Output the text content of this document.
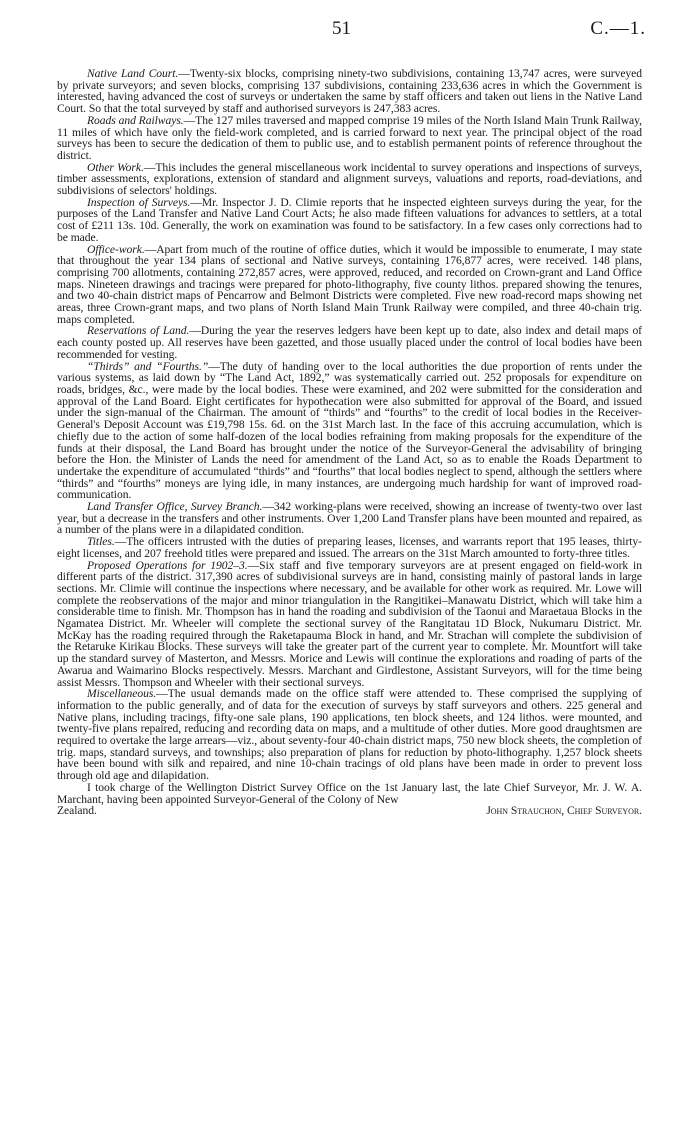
51	C.—1.

Native Land Court.—Twenty-six blocks, comprising ninety-two subdivisions, containing 13,747 acres, were surveyed by private surveyors; and seven blocks, comprising 137 subdivisions, containing 233,636 acres in which the Government is interested, having advanced the cost of surveys or undertaken the same by staff officers and taken out liens in the Native Land Court. So that the total surveyed by staff and authorised surveyors is 247,383 acres.

Roads and Railways.—The 127 miles traversed and mapped comprise 19 miles of the North Island Main Trunk Railway, 11 miles of which have only the field-work completed, and is carried forward to next year. The principal object of the road surveys has been to secure the dedication of them to public use, and to establish permanent points of reference throughout the district.

Other Work.—This includes the general miscellaneous work incidental to survey operations and inspections of surveys, timber assessments, explorations, extension of standard and alignment surveys, valuations and reports, road-deviations, and subdivisions of selectors' holdings.

Inspection of Surveys.—Mr. Inspector J. D. Climie reports that he inspected eighteen surveys during the year, for the purposes of the Land Transfer and Native Land Court Acts; he also made fifteen valuations for advances to settlers, at a total cost of £211 13s. 10d. Generally, the work on examination was found to be satisfactory. In a few cases only corrections had to be made.

Office-work.—Apart from much of the routine of office duties, which it would be impossible to enumerate, I may state that throughout the year 134 plans of sectional and Native surveys, containing 176,877 acres, were received. 148 plans, comprising 700 allotments, containing 272,857 acres, were approved, reduced, and recorded on Crown-grant and Land Office maps. Nineteen drawings and tracings were prepared for photo-lithography, five county lithos. prepared showing the tenures, and two 40-chain district maps of Pencarrow and Belmont Districts were completed. Five new road-record maps showing net areas, three Crown-grant maps, and two plans of North Island Main Trunk Railway were compiled, and three 40-chain trig. maps completed.

Reservations of Land.—During the year the reserves ledgers have been kept up to date, also index and detail maps of each county posted up. All reserves have been gazetted, and those usually placed under the control of local bodies have been recommended for vesting.

“Thirds” and “Fourths.”—The duty of handing over to the local authorities the due proportion of rents under the various systems, as laid down by “The Land Act, 1892,” was systematically carried out. 252 proposals for expenditure on roads, bridges, &c., were made by the local bodies. These were examined, and 202 were submitted for the consideration and approval of the Land Board. Eight certificates for hypothecation were also submitted for approval of the Board, and issued under the sign-manual of the Chairman. The amount of “thirds” and “fourths” to the credit of local bodies in the Receiver-General's Deposit Account was £19,798 15s. 6d. on the 31st March last. In the face of this accruing accumulation, which is chiefly due to the action of some half-dozen of the local bodies refraining from making proposals for the expenditure of the funds at their disposal, the Land Board has brought under the notice of the Surveyor-General the advisability of bringing before the Hon. the Minister of Lands the need for amendment of the Land Act, so as to enable the Roads Department to undertake the expenditure of accumulated “thirds” and “fourths” that local bodies neglect to spend, although the settlers where “thirds” and “fourths” moneys are lying idle, in many instances, are undergoing much hardship for want of improved road-communication.

Land Transfer Office, Survey Branch.—342 working-plans were received, showing an increase of twenty-two over last year, but a decrease in the transfers and other instruments. Over 1,200 Land Transfer plans have been mounted and repaired, as a number of the plans were in a dilapidated condition.

Titles.—The officers intrusted with the duties of preparing leases, licenses, and warrants report that 195 leases, thirty-eight licenses, and 207 freehold titles were prepared and issued. The arrears on the 31st March amounted to forty-three titles.

Proposed Operations for 1902–3.—Six staff and five temporary surveyors are at present engaged on field-work in different parts of the district. 317,390 acres of subdivisional surveys are in hand, consisting mainly of pastoral lands in large sections. Mr. Climie will continue the inspections where necessary, and be available for other work as required. Mr. Lowe will complete the reobservations of the major and minor triangulation in the Rangitikei–Manawatu District, which will take him a considerable time to finish. Mr. Thompson has in hand the roading and subdivision of the Taonui and Maraetaua Blocks in the Ngamatea District. Mr. Wheeler will complete the sectional survey of the Rangitatau 1D Block, Nukumaru District. Mr. McKay has the roading required through the Raketapauma Block in hand, and Mr. Strachan will complete the subdivision of the Retaruke Kirikau Blocks. These surveys will take the greater part of the current year to complete. Mr. Mountfort will take up the standard survey of Masterton, and Messrs. Morice and Lewis will continue the explorations and roading of parts of the Awarua and Waimarino Blocks respectively. Messrs. Marchant and Girdlestone, Assistant Surveyors, will for the time being assist Messrs. Thompson and Wheeler with their sectional surveys.

Miscellaneous.—The usual demands made on the office staff were attended to. These comprised the supplying of information to the public generally, and of data for the execution of surveys by staff surveyors and others. 225 general and Native plans, including tracings, fifty-one sale plans, 190 applications, ten block sheets, and 124 lithos. were mounted, and twenty-five plans repaired, reducing and recording data on maps, and a multitude of other duties. More good draughtsmen are required to overtake the large arrears—viz., about seventy-four 40-chain district maps, 750 new block sheets, the completion of trig. maps, standard surveys, and townships; also preparation of plans for reduction by photo-lithography. 1,257 block sheets have been bound with silk and repaired, and nine 10-chain tracings of old plans have been made in order to prevent loss through old age and dilapidation.

I took charge of the Wellington District Survey Office on the 1st January last, the late Chief Surveyor, Mr. J. W. A. Marchant, having been appointed Surveyor-General of the Colony of New

Zealand.	John Strauchon, Chief Surveyor.
